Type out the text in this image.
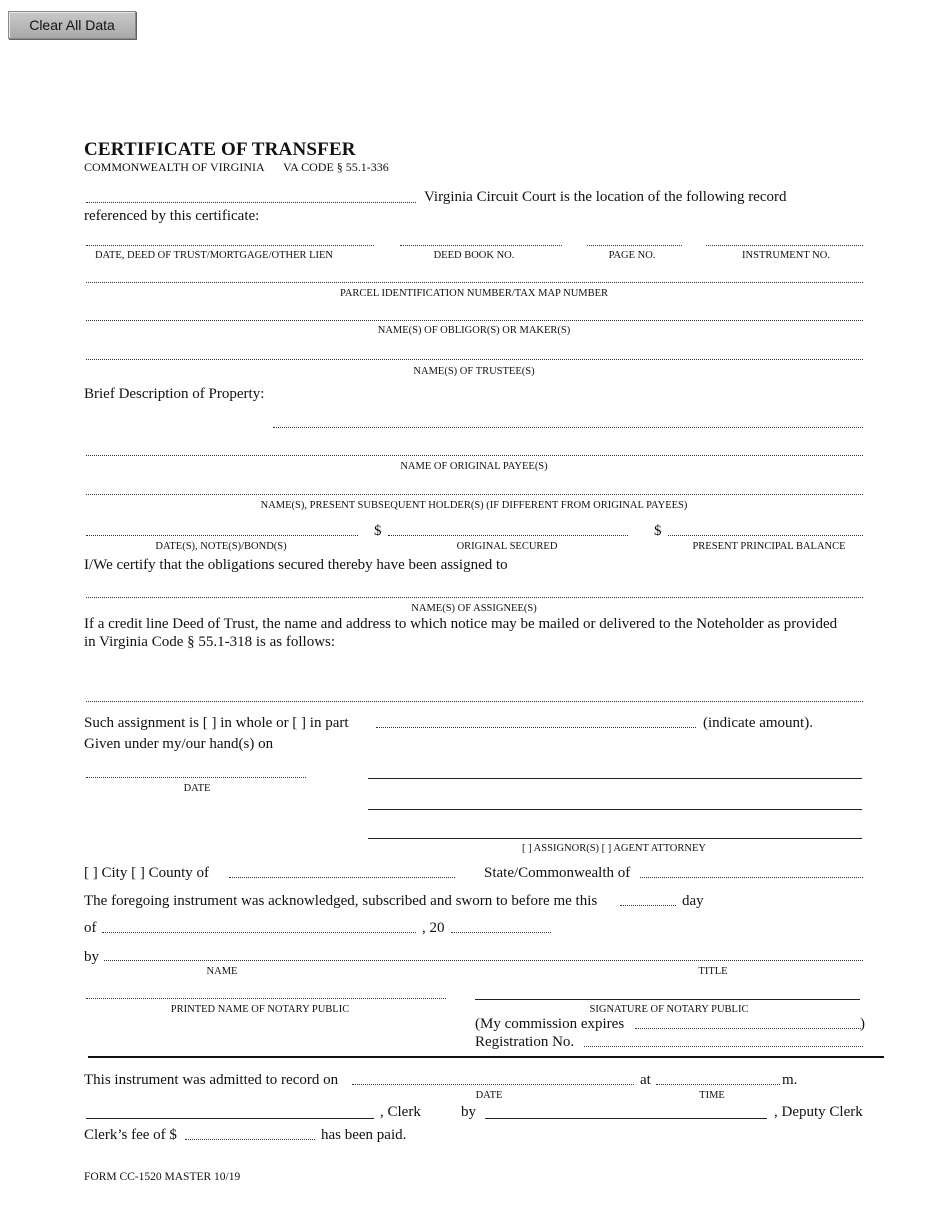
Clear All Data
CERTIFICATE OF TRANSFER
COMMONWEALTH OF VIRGINIA VA CODE § 55.1-336
Virginia Circuit Court is the location of the following record
referenced by this certificate:
DATE, DEED OF TRUST/MORTGAGE/OTHER LIEN	DEED BOOK NO.	PAGE NO.	INSTRUMENT NO.
PARCEL IDENTIFICATION NUMBER/TAX MAP NUMBER
NAME(S) OF OBLIGOR(S) OR MAKER(S)
NAME(S) OF TRUSTEE(S)
Brief Description of Property:
NAME OF ORIGINAL PAYEE(S)
NAME(S), PRESENT SUBSEQUENT HOLDER(S) (IF DIFFERENT FROM ORIGINAL PAYEES)
$	$
DATE(S), NOTE(S)/BOND(S)	ORIGINAL SECURED	PRESENT PRINCIPAL BALANCE
I/We certify that the obligations secured thereby have been assigned to
NAME(S) OF ASSIGNEE(S)
If a credit line Deed of Trust, the name and address to which notice may be mailed or delivered to the Noteholder as provided
in Virginia Code § 55.1-318 is as follows:
Such assignment is [ ] in whole or [ ] in part	(indicate amount).
Given under my/our hand(s) on
DATE
[ ] ASSIGNOR(S) [ ] AGENT ATTORNEY
[ ] City [ ] County of	State/Commonwealth of
The foregoing instrument was acknowledged, subscribed and sworn to before me this	day
of	, 20
by
NAME	TITLE
PRINTED NAME OF NOTARY PUBLIC	SIGNATURE OF NOTARY PUBLIC
(My commission expires	)
Registration No.
This instrument was admitted to record on	at	m.
DATE	TIME
, Clerk	by	, Deputy Clerk
Clerk’s fee of $	has been paid.
FORM CC-1520 MASTER 10/19
